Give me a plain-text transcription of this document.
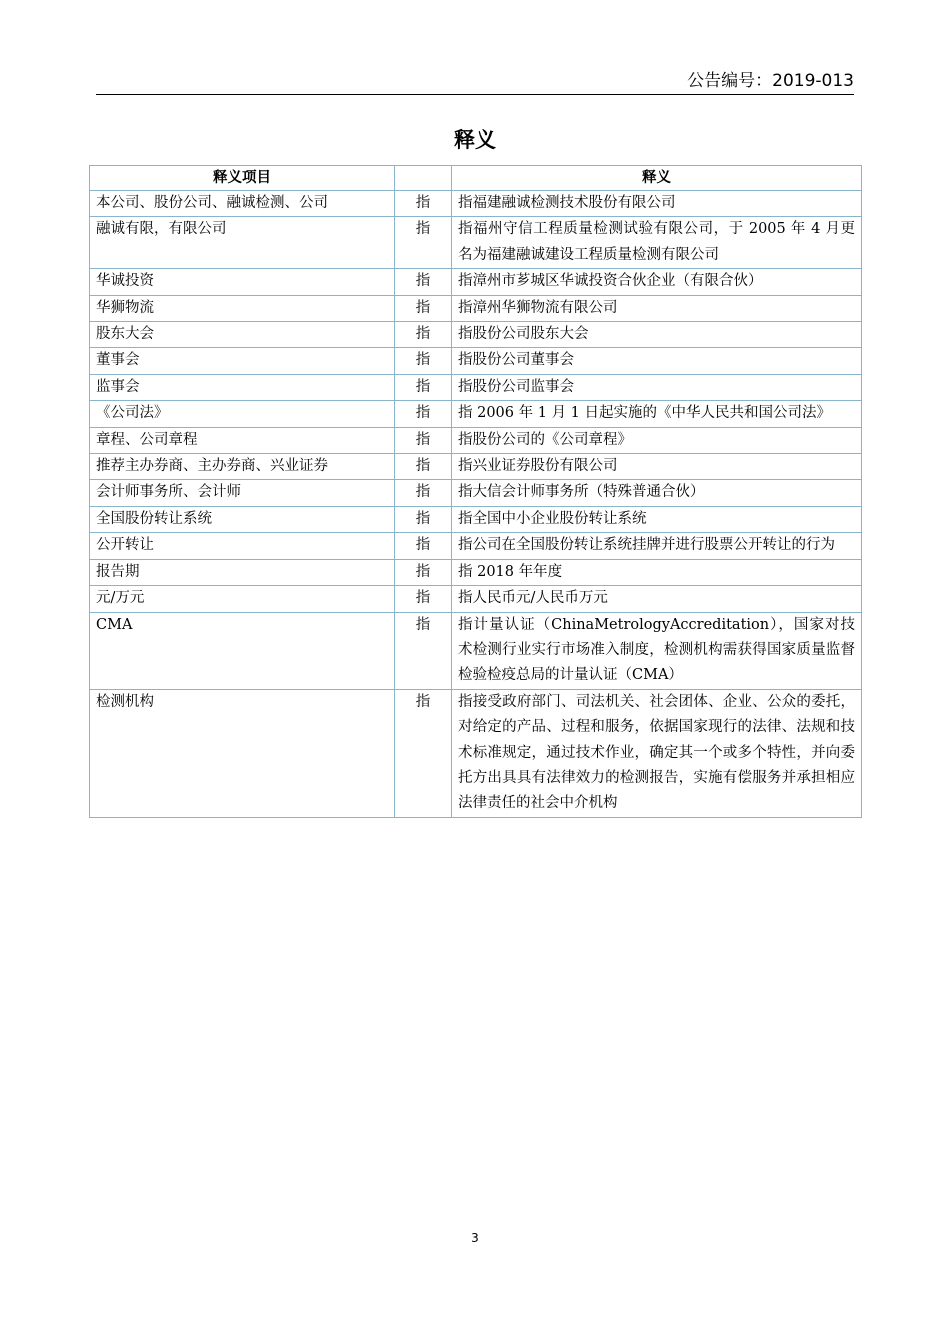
公告编号：2019-013
释义
释义项目		释义
本公司、股份公司、融诚检测、公司	指	指福建融诚检测技术股份有限公司
融诚有限，有限公司	指	指福州守信工程质量检测试验有限公司，于 2005 年 4 月更名为福建融诚建设工程质量检测有限公司
华诚投资	指	指漳州市芗城区华诚投资合伙企业（有限合伙）
华狮物流	指	指漳州华狮物流有限公司
股东大会	指	指股份公司股东大会
董事会	指	指股份公司董事会
监事会	指	指股份公司监事会
《公司法》	指	指 2006 年 1 月 1 日起实施的《中华人民共和国公司法》
章程、公司章程	指	指股份公司的《公司章程》
推荐主办券商、主办券商、兴业证券	指	指兴业证券股份有限公司
会计师事务所、会计师	指	指大信会计师事务所（特殊普通合伙）
全国股份转让系统	指	指全国中小企业股份转让系统
公开转让	指	指公司在全国股份转让系统挂牌并进行股票公开转让的行为
报告期	指	指 2018 年年度
元/万元	指	指人民币元/人民币万元
CMA	指	指计量认证（ChinaMetrologyAccreditation），国家对技术检测行业实行市场准入制度，检测机构需获得国家质量监督检验检疫总局的计量认证（CMA）
检测机构	指	指接受政府部门、司法机关、社会团体、企业、公众的委托，对给定的产品、过程和服务，依据国家现行的法律、法规和技术标准规定，通过技术作业，确定其一个或多个特性，并向委托方出具具有法律效力的检测报告，实施有偿服务并承担相应法律责任的社会中介机构
3
